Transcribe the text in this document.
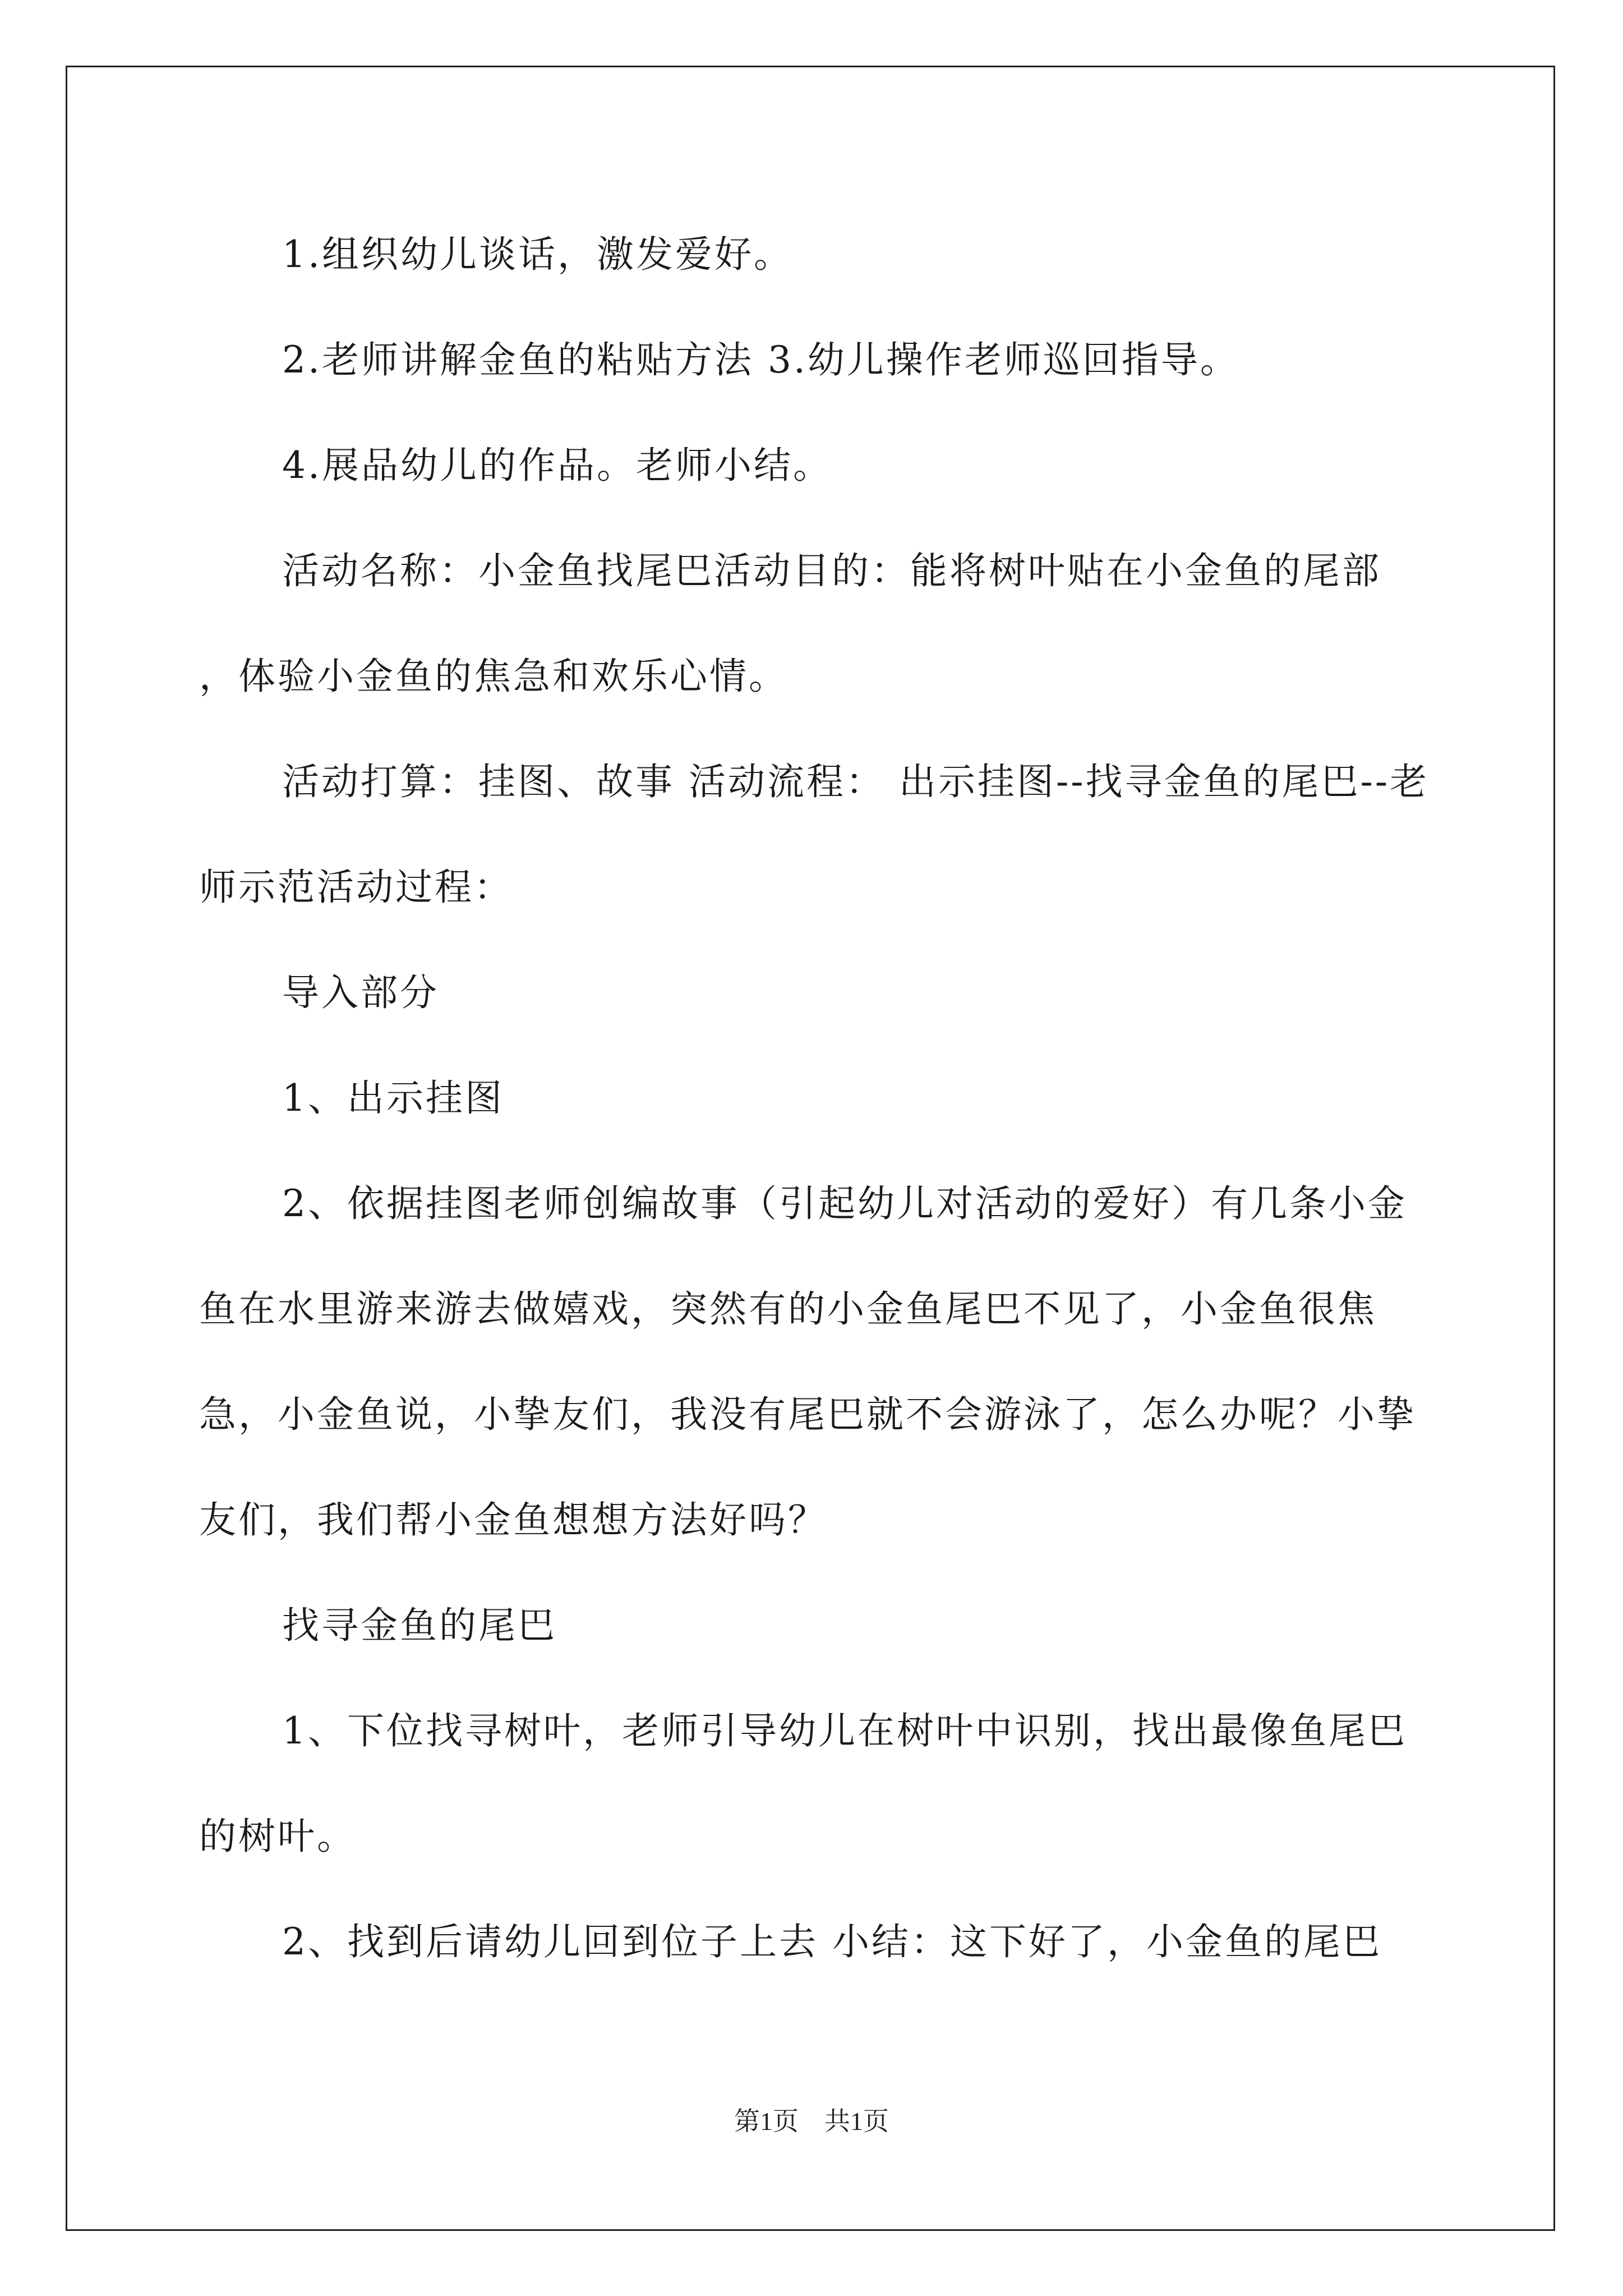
1.组织幼儿谈话，激发爱好。

2.老师讲解金鱼的粘贴方法 3.幼儿操作老师巡回指导。

4.展品幼儿的作品。老师小结。

活动名称：小金鱼找尾巴活动目的：能将树叶贴在小金鱼的尾部 ，体验小金鱼的焦急和欢乐心情。

活动打算：挂图、故事 活动流程： 出示挂图--找寻金鱼的尾巴--老师示范活动过程：

导入部分

1、出示挂图

2、依据挂图老师创编故事（引起幼儿对活动的爱好）有几条小金鱼在水里游来游去做嬉戏，突然有的小金鱼尾巴不见了，小金鱼很焦急，小金鱼说，小挚友们，我没有尾巴就不会游泳了，怎么办呢？小挚友们，我们帮小金鱼想想方法好吗？

找寻金鱼的尾巴

1、下位找寻树叶，老师引导幼儿在树叶中识别，找出最像鱼尾巴的树叶。

2、找到后请幼儿回到位子上去 小结：这下好了，小金鱼的尾巴

第1页　共1页
